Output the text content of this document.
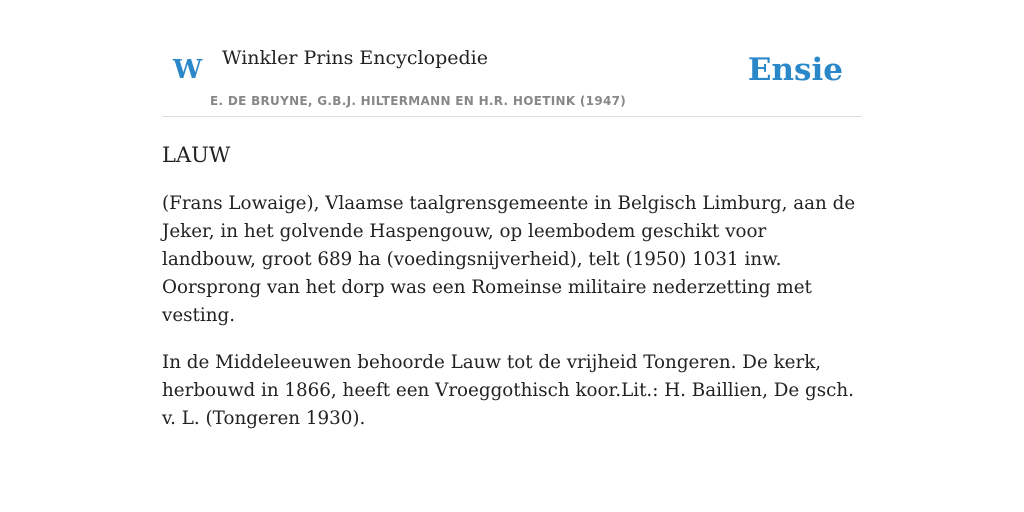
W Winkler Prins Encyclopedie
E. DE BRUYNE, G.B.J. HILTERMANN EN H.R. HOETINK (1947)
Ensie
LAUW

(Frans Lowaige), Vlaamse taalgrensgemeente in Belgisch Limburg, aan de Jeker, in het golvende Haspengouw, op leembodem geschikt voor landbouw, groot 689 ha (voedingsnijverheid), telt (1950) 1031 inw. Oorsprong van het dorp was een Romeinse militaire nederzetting met vesting.

In de Middeleeuwen behoorde Lauw tot de vrijheid Tongeren. De kerk, herbouwd in 1866, heeft een Vroeggothisch koor.Lit.: H. Baillien, De gsch. v. L. (Tongeren 1930).
